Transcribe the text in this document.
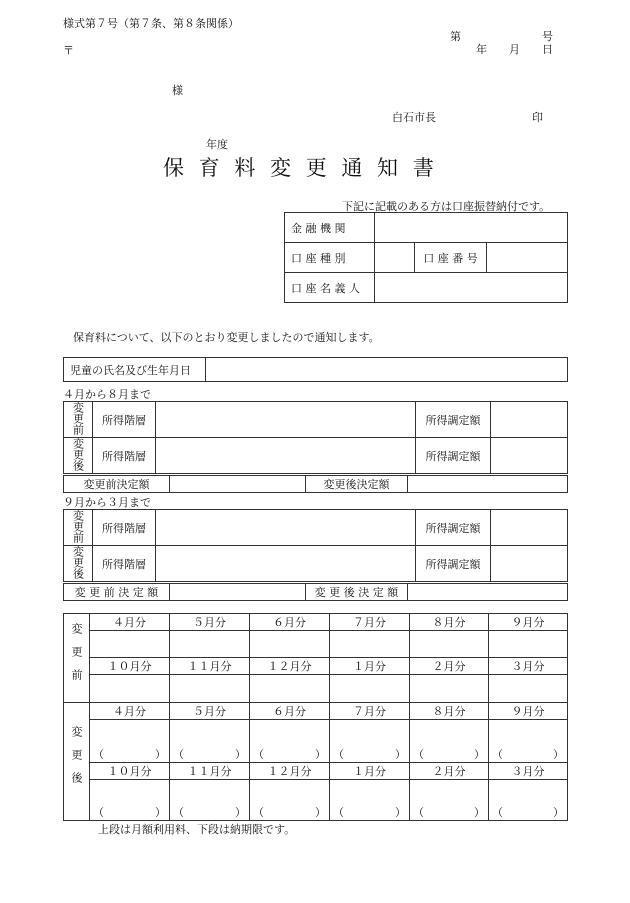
様式第７号（第７条、第８条関係）
〒
第	号
年 月 日
様
白石市長	印
年度
保 育 料 変 更 通 知 書
下記に記載のある方は口座振替納付です。
金 融 機 関			
口 座 種 別		口 座 番 号	
口 座 名 義 人			
保育料について、以下のとおり変更しましたので通知します。
児童の氏名及び生年月日	
４月から８月まで
変更前	所得階層		所得調定額	
変更後	所得階層		所得調定額	
変更前決定額		変更後決定額	
９月から３月まで
変更前	所得階層		所得調定額	
変更後	所得階層		所得調定額	
変 更 前 決 定 額		変 更 後 決 定 額	
変更前	４月分	５月分	６月分	７月分	８月分	９月分

	１０月分	１１月分	１２月分	１月分	２月分	３月分

変更後	４月分	５月分	６月分	７月分	８月分	９月分

	（ ）	（ ）	（ ）	（ ）	（ ）	（ ）

	１０月分	１１月分	１２月分	１月分	２月分	３月分

	（ ）	（ ）	（ ）	（ ）	（ ）	（ ）
上段は月額利用料、下段は納期限です。
